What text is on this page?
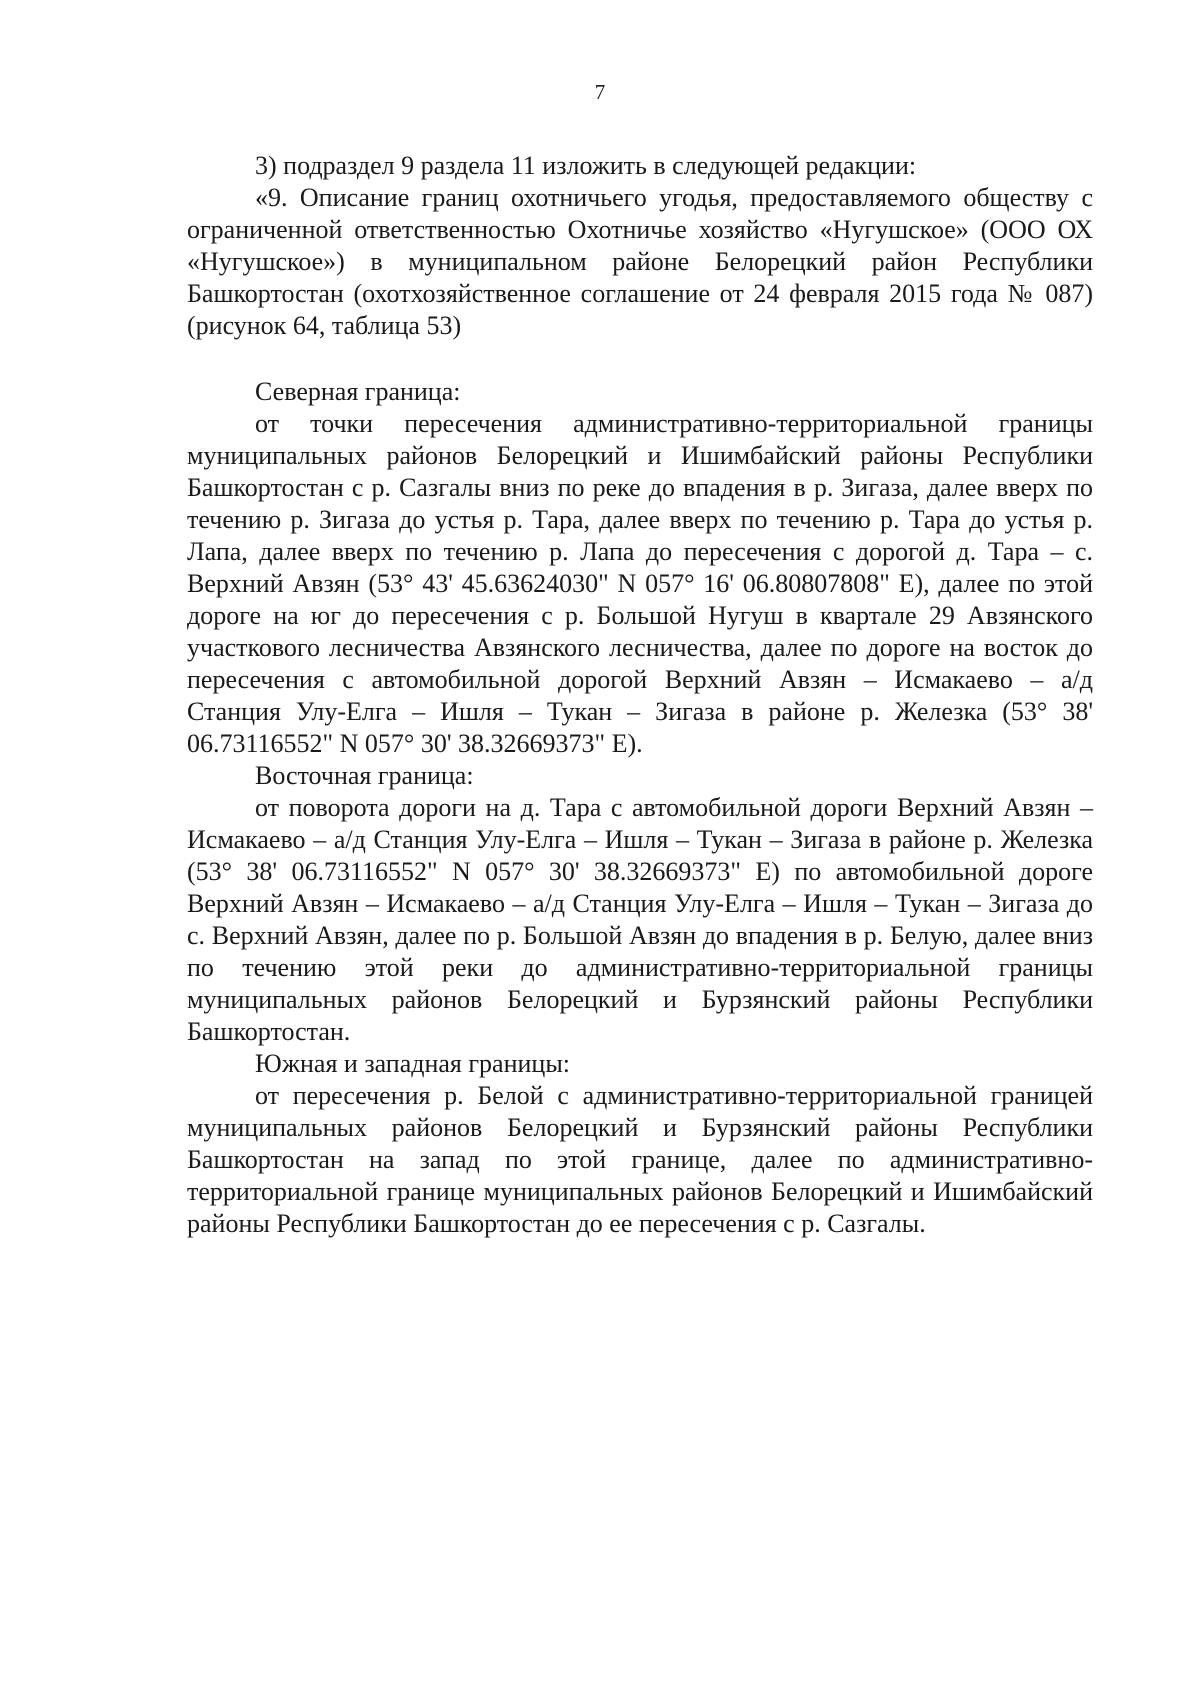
7

3) подраздел 9 раздела 11 изложить в следующей редакции:

«9. Описание границ охотничьего угодья, предоставляемого обществу с ограниченной ответственностью Охотничье хозяйство «Нугушское» (ООО ОХ «Нугушское») в муниципальном районе Белорецкий район Республики Башкортостан (охотхозяйственное соглашение от 24 февраля 2015 года № 087) (рисунок 64, таблица 53)

Северная граница:

от точки пересечения административно-территориальной границы муниципальных районов Белорецкий и Ишимбайский районы Республики Башкортостан с р. Сазгалы вниз по реке до впадения в р. Зигаза, далее вверх по течению р. Зигаза до устья р. Тара, далее вверх по течению р. Тара до устья р. Лапа, далее вверх по течению р. Лапа до пересечения с дорогой д. Тара – с. Верхний Авзян (53° 43' 45.63624030" N 057° 16' 06.80807808" E), далее по этой дороге на юг до пересечения с р. Большой Нугуш в квартале 29 Авзянского участкового лесничества Авзянского лесничества, далее по дороге на восток до пересечения с автомобильной дорогой Верхний Авзян – Исмакаево – а/д Станция Улу-Елга – Ишля – Тукан – Зигаза в районе р. Железка (53° 38' 06.73116552" N 057° 30' 38.32669373" E).

Восточная граница:

от поворота дороги на д. Тара с автомобильной дороги Верхний Авзян – Исмакаево – а/д Станция Улу-Елга – Ишля – Тукан – Зигаза в районе р. Железка (53° 38' 06.73116552" N 057° 30' 38.32669373" E) по автомобильной дороге Верхний Авзян – Исмакаево – а/д Станция Улу-Елга – Ишля – Тукан – Зигаза до с. Верхний Авзян, далее по р. Большой Авзян до впадения в р. Белую, далее вниз по течению этой реки до административно-территориальной границы муниципальных районов Белорецкий и Бурзянский районы Республики Башкортостан.

Южная и западная границы:

от пересечения р. Белой с административно-территориальной границей муниципальных районов Белорецкий и Бурзянский районы Республики Башкортостан на запад по этой границе, далее по административно-территориальной границе муниципальных районов Белорецкий и Ишимбайский районы Республики Башкортостан до ее пересечения с р. Сазгалы.
